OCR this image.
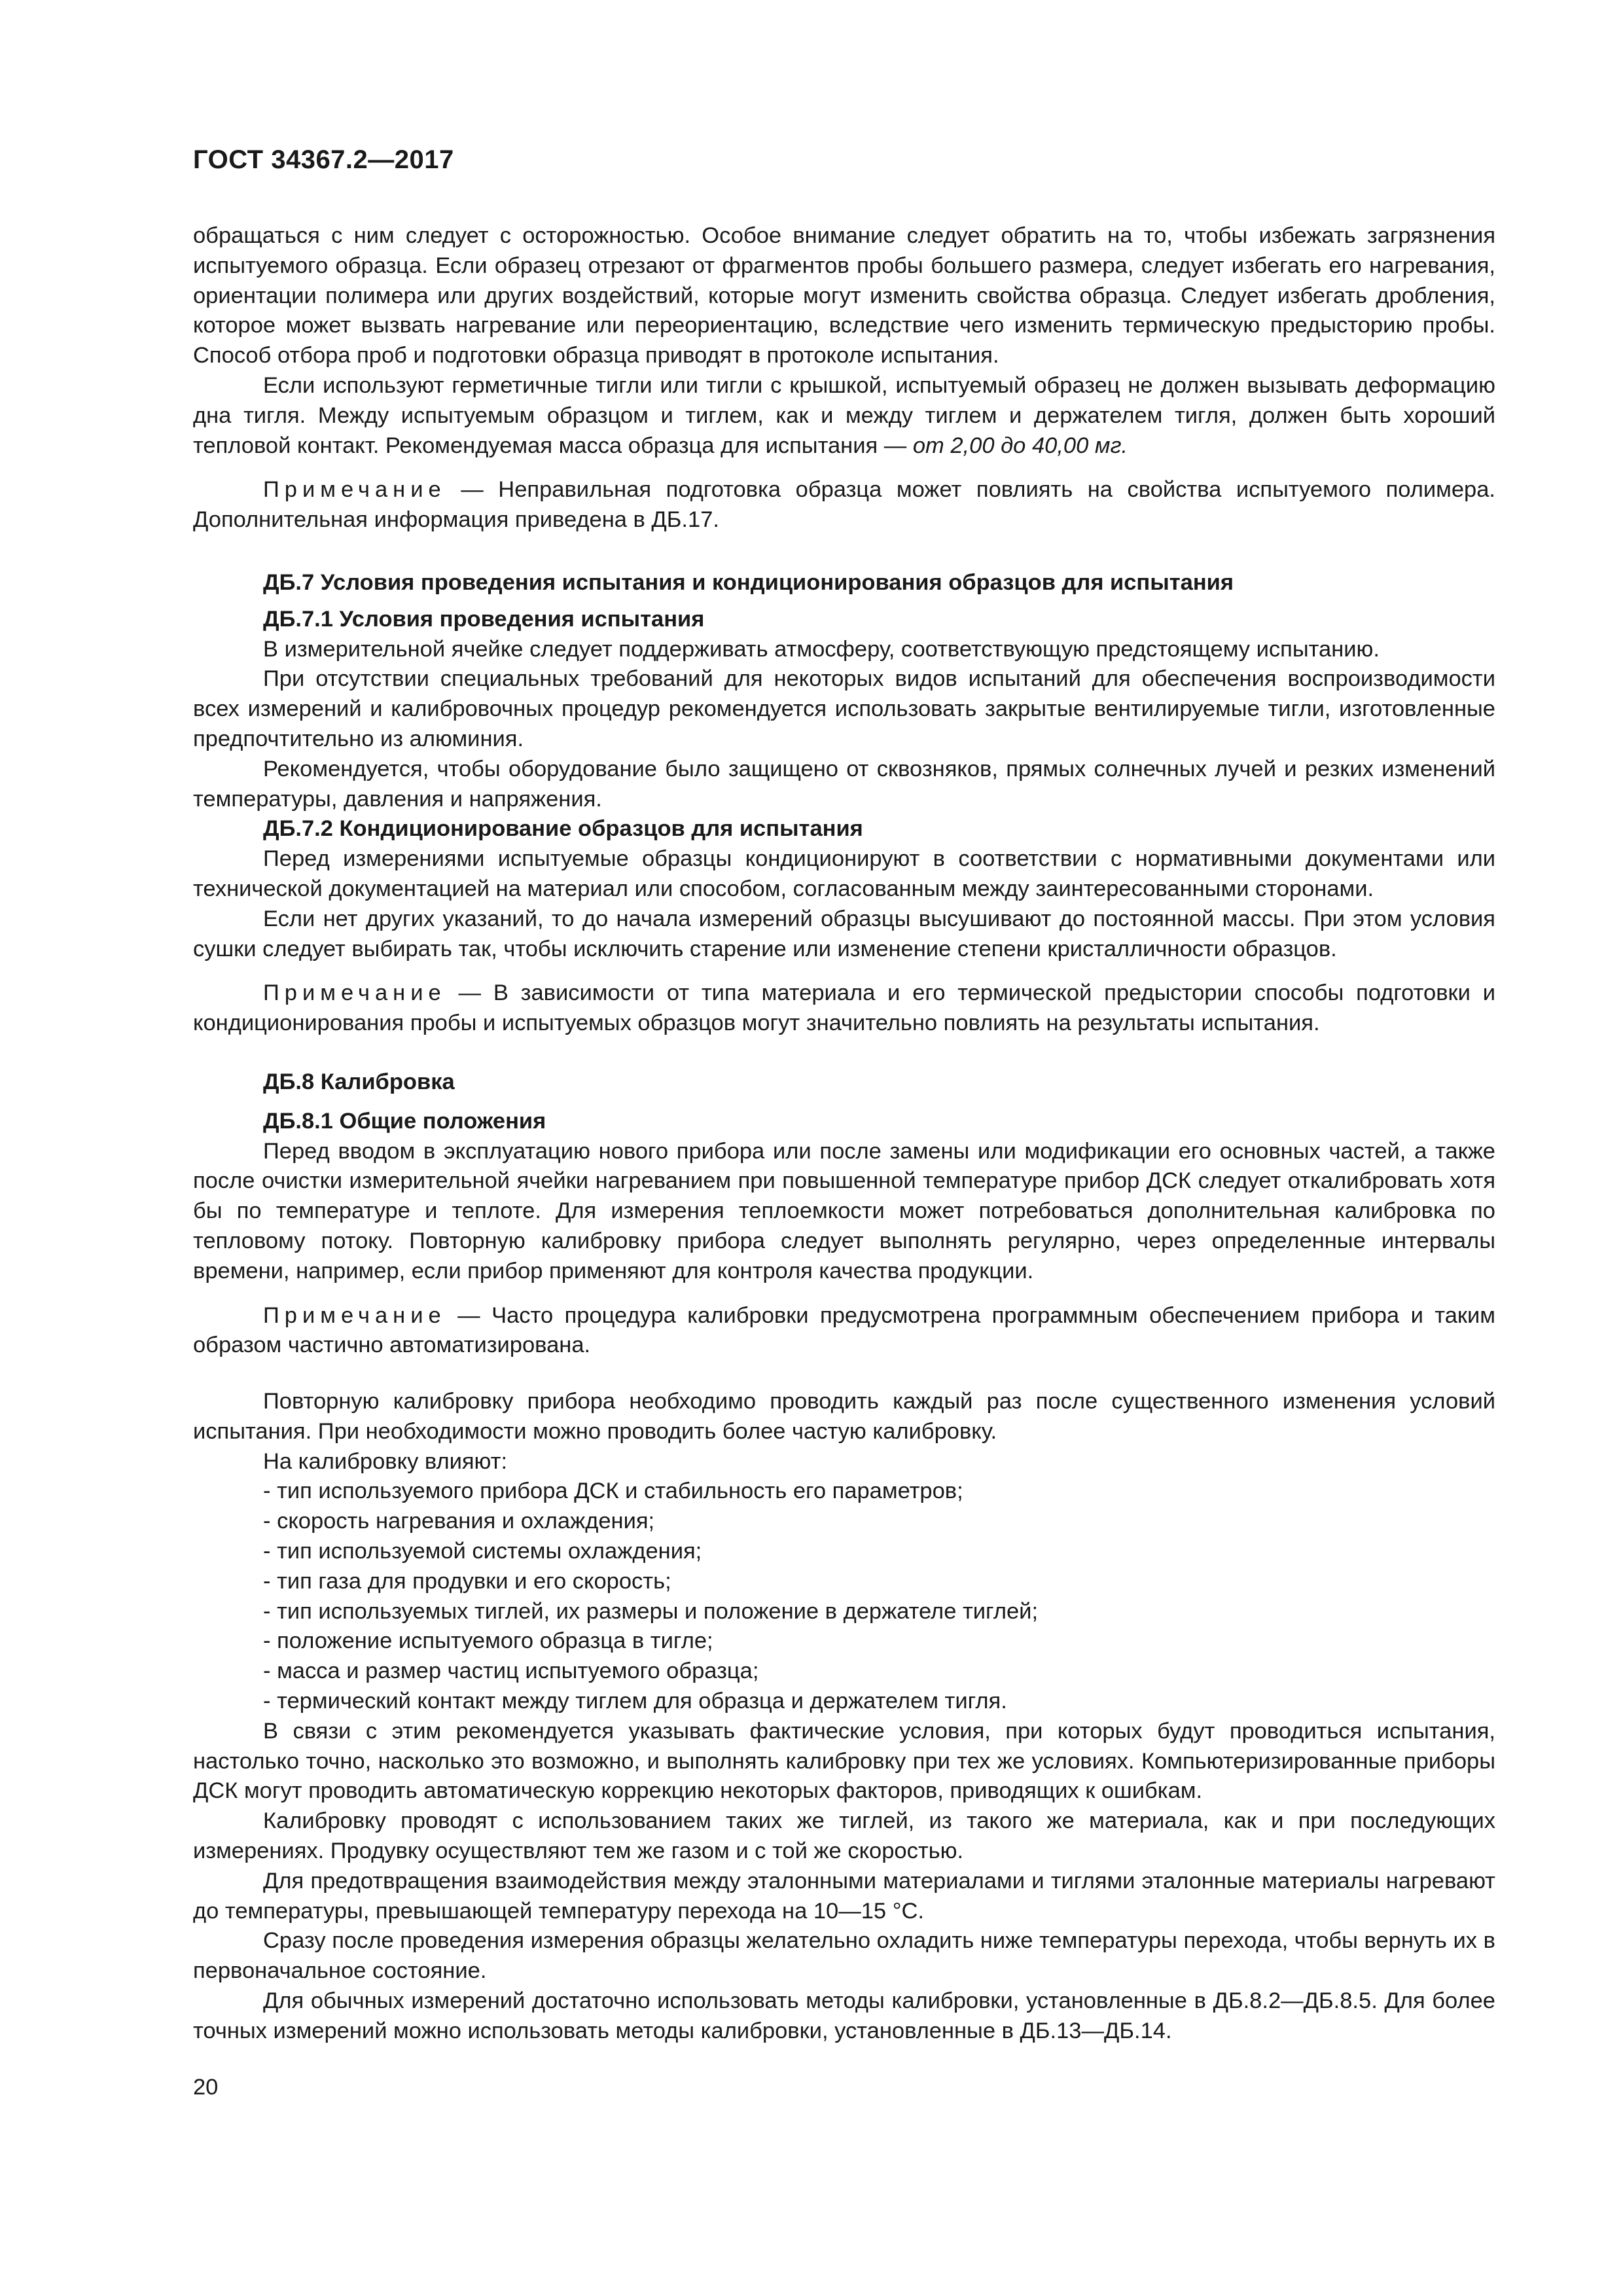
ГОСТ 34367.2—2017

обращаться с ним следует с осторожностью. Особое внимание следует обратить на то, чтобы избежать загрязнения испытуемого образца. Если образец отрезают от фрагментов пробы большего размера, следует избегать его нагревания, ориентации полимера или других воздействий, которые могут изменить свойства образца. Следует избегать дробления, которое может вызвать нагревание или переориентацию, вследствие чего изменить термическую предысторию пробы. Способ отбора проб и подготовки образца приводят в протоколе испытания.

Если используют герметичные тигли или тигли с крышкой, испытуемый образец не должен вызывать деформацию дна тигля. Между испытуемым образцом и тиглем, как и между тиглем и держателем тигля, должен быть хороший тепловой контакт. Рекомендуемая масса образца для испытания — от 2,00 до 40,00 мг.

Примечание — Неправильная подготовка образца может повлиять на свойства испытуемого полимера. Дополнительная информация приведена в ДБ.17.

ДБ.7 Условия проведения испытания и кондиционирования образцов для испытания
ДБ.7.1 Условия проведения испытания

В измерительной ячейке следует поддерживать атмосферу, соответствующую предстоящему испытанию.

При отсутствии специальных требований для некоторых видов испытаний для обеспечения воспроизводимости всех измерений и калибровочных процедур рекомендуется использовать закрытые вентилируемые тигли, изготовленные предпочтительно из алюминия.

Рекомендуется, чтобы оборудование было защищено от сквозняков, прямых солнечных лучей и резких изменений температуры, давления и напряжения.

ДБ.7.2 Кондиционирование образцов для испытания

Перед измерениями испытуемые образцы кондиционируют в соответствии с нормативными документами или технической документацией на материал или способом, согласованным между заинтересованными сторонами.

Если нет других указаний, то до начала измерений образцы высушивают до постоянной массы. При этом условия сушки следует выбирать так, чтобы исключить старение или изменение степени кристалличности образцов.

Примечание — В зависимости от типа материала и его термической предыстории способы подготовки и кондиционирования пробы и испытуемых образцов могут значительно повлиять на результаты испытания.

ДБ.8 Калибровка
ДБ.8.1 Общие положения

Перед вводом в эксплуатацию нового прибора или после замены или модификации его основных частей, а также после очистки измерительной ячейки нагреванием при повышенной температуре прибор ДСК следует откалибровать хотя бы по температуре и теплоте. Для измерения теплоемкости может потребоваться дополнительная калибровка по тепловому потоку. Повторную калибровку прибора следует выполнять регулярно, через определенные интервалы времени, например, если прибор применяют для контроля качества продукции.

Примечание — Часто процедура калибровки предусмотрена программным обеспечением прибора и таким образом частично автоматизирована.

Повторную калибровку прибора необходимо проводить каждый раз после существенного изменения условий испытания. При необходимости можно проводить более частую калибровку.

На калибровку влияют:

- тип используемого прибора ДСК и стабильность его параметров;
- скорость нагревания и охлаждения;
- тип используемой системы охлаждения;
- тип газа для продувки и его скорость;
- тип используемых тиглей, их размеры и положение в держателе тиглей;
- положение испытуемого образца в тигле;
- масса и размер частиц испытуемого образца;
- термический контакт между тиглем для образца и держателем тигля.

В связи с этим рекомендуется указывать фактические условия, при которых будут проводиться испытания, настолько точно, насколько это возможно, и выполнять калибровку при тех же условиях. Компьютеризированные приборы ДСК могут проводить автоматическую коррекцию некоторых факторов, приводящих к ошибкам.

Калибровку проводят с использованием таких же тиглей, из такого же материала, как и при последующих измерениях. Продувку осуществляют тем же газом и с той же скоростью.

Для предотвращения взаимодействия между эталонными материалами и тиглями эталонные материалы нагревают до температуры, превышающей температуру перехода на 10—15 °С.

Сразу после проведения измерения образцы желательно охладить ниже температуры перехода, чтобы вернуть их в первоначальное состояние.

Для обычных измерений достаточно использовать методы калибровки, установленные в ДБ.8.2—ДБ.8.5. Для более точных измерений можно использовать методы калибровки, установленные в ДБ.13—ДБ.14.

20
